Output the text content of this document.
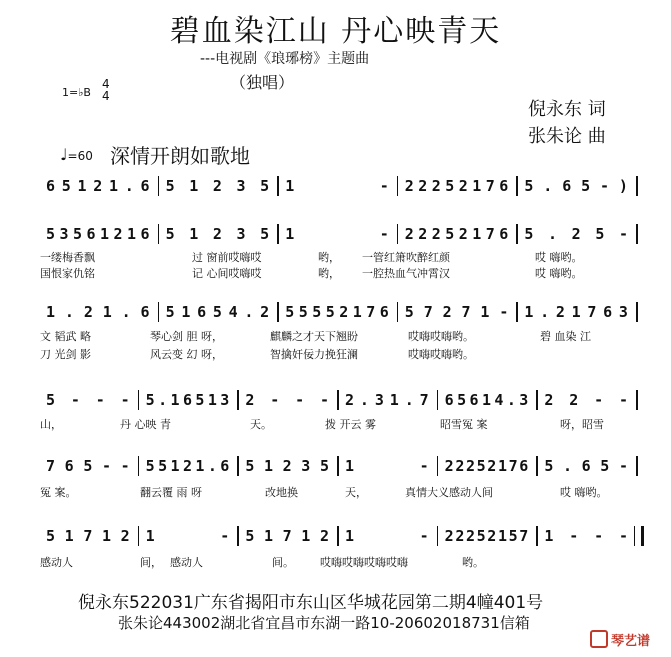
碧血染江山 丹心映青天
---电视剧《琅琊榜》主题曲
（独唱）
1=♭B
4
4
倪永东 词
张朱论 曲
♩=60 深情开朗如歌地
6 5 1 2 1 . 6 5 1 2 3 5 1	- 2 2 2 5 2 1 7 6 5 . 6 5 - )
5 3 5 6 1 2 1 6 5 1 2 3 5 1	- 2 2 2 5 2 1 7 6 5 . 2 5 -
1 . 2 1 . 6 5 1 6 5 4 . 2 5 5 5 5 2 1 7 6 5 7 2 7 1 - 1 . 2 1 7 6 3
5 - - - 5 . 1 6 5 1 3 2 - - - 2 . 3 1 . 7 6 5 6 1 4 . 3 2 2 - -
7 6 5 - - 5 5 1 2 1 . 6 5 1 2 3 5 1	- 2 2 2 5 2 1 7 6 5 . 6 5 -
5 1 7 1 2 1	- 5 1 7 1 2 1	- 2 2 2 5 2 1 5 7 1 - - -
一缕梅香飘	过 窗前哎嗨哎	哟， 一管红箫吹醉红颜	哎 嗨哟。
国恨家仇铭	记 心间哎嗨哎	哟， 一腔热血气冲霄汉	哎 嗨哟。
文 韬武 略	琴心剑 胆 呀，	麒麟之才天下翘盼	哎嗨哎嗨哟。	碧 血染 江
刀 光剑 影	风云变 幻 呀，	智擒奸佞力挽狂澜	哎嗨哎嗨哟。
山，	丹 心映 青	天。	拨 开云 雾	昭雪冤 案	呀，昭雪
冤 案。	翻云覆 雨 呀	改地换	天，	真情大义感动人间	哎 嗨哟。
感动人	间， 感动人	间。 哎嗨哎嗨哎嗨哎嗨	哟。
倪永东522031广东省揭阳市东山区华城花园第二期4幢401号
张朱论443002湖北省宜昌市东湖一路10-20602018731信箱
琴艺谱
